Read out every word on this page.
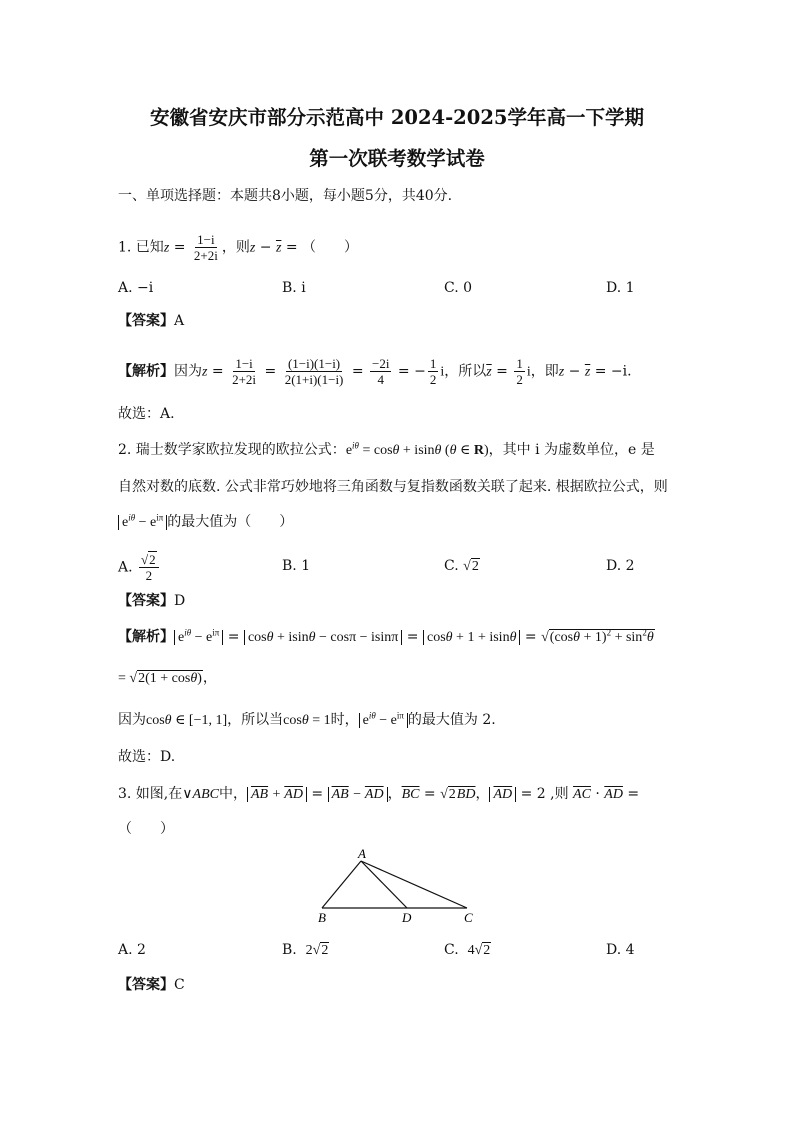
安徽省安庆市部分示范高中 2024-2025学年高一下学期
第一次联考数学试卷
一、单项选择题：本题共8小题，每小题5分，共40分.
1. 已知$z = \frac{1-i}{2+2i}$ ，则$z - \overline{z}$ = （　　）
A. −i	B. i	C. 0	D. 1
【答案】A
【解析】因为$z = \frac{1-i}{2+2i} = \frac{(1-i)(1-i)}{2(1+i)(1-i)} = \frac{-2i}{4}$ = − $\frac{1}{2}$ i，所以$\overline{z} = \frac{1}{2}$ i，即$z - \overline{z} = -i$.
故选：A.
2. 瑞士数学家欧拉发现的欧拉公式：$e^{i\theta} = \cos\theta + isin\theta$ (θ ∈ R)，其中 i 为虚数单位，e 是
自然对数的底数. 公式非常巧妙地将三角函数与复指数函数关联了起来. 根据欧拉公式，则
$e^{i\theta} - e^{i\pi}$ 的最大值为（　　）
A. $\frac{√2}{2}$	B. 1	C. √2	D. 2
【答案】D
【解析】 $e^{i\theta} - e^{i\pi} = \cos\theta + isin\theta - \cos\pi - isin\pi = \cos\theta + 1 + isin\theta = √(\cos\theta + 1)^2 + \sin^2\theta$
= √2(1 + cosθ)，
因为cosθ ∈ [−1, 1]，所以当cosθ = 1时， $e^{i\theta} - e^{i\pi}$ 的最大值为 2.
故选：D.
3. 如图,在∨ABC中， $\overline{AB} + \overline{AD} = \overline{AB} - \overline{AD}$ ，$\overline{BC} = √2\overline{BD}$， $\overline{AD} = 2$ ,则 $\overline{AC} \cdot \overline{AD}$ =
（　　）
A
B	D	C
A. 2	B. 2√2	C. 4√2	D. 4
【答案】C
